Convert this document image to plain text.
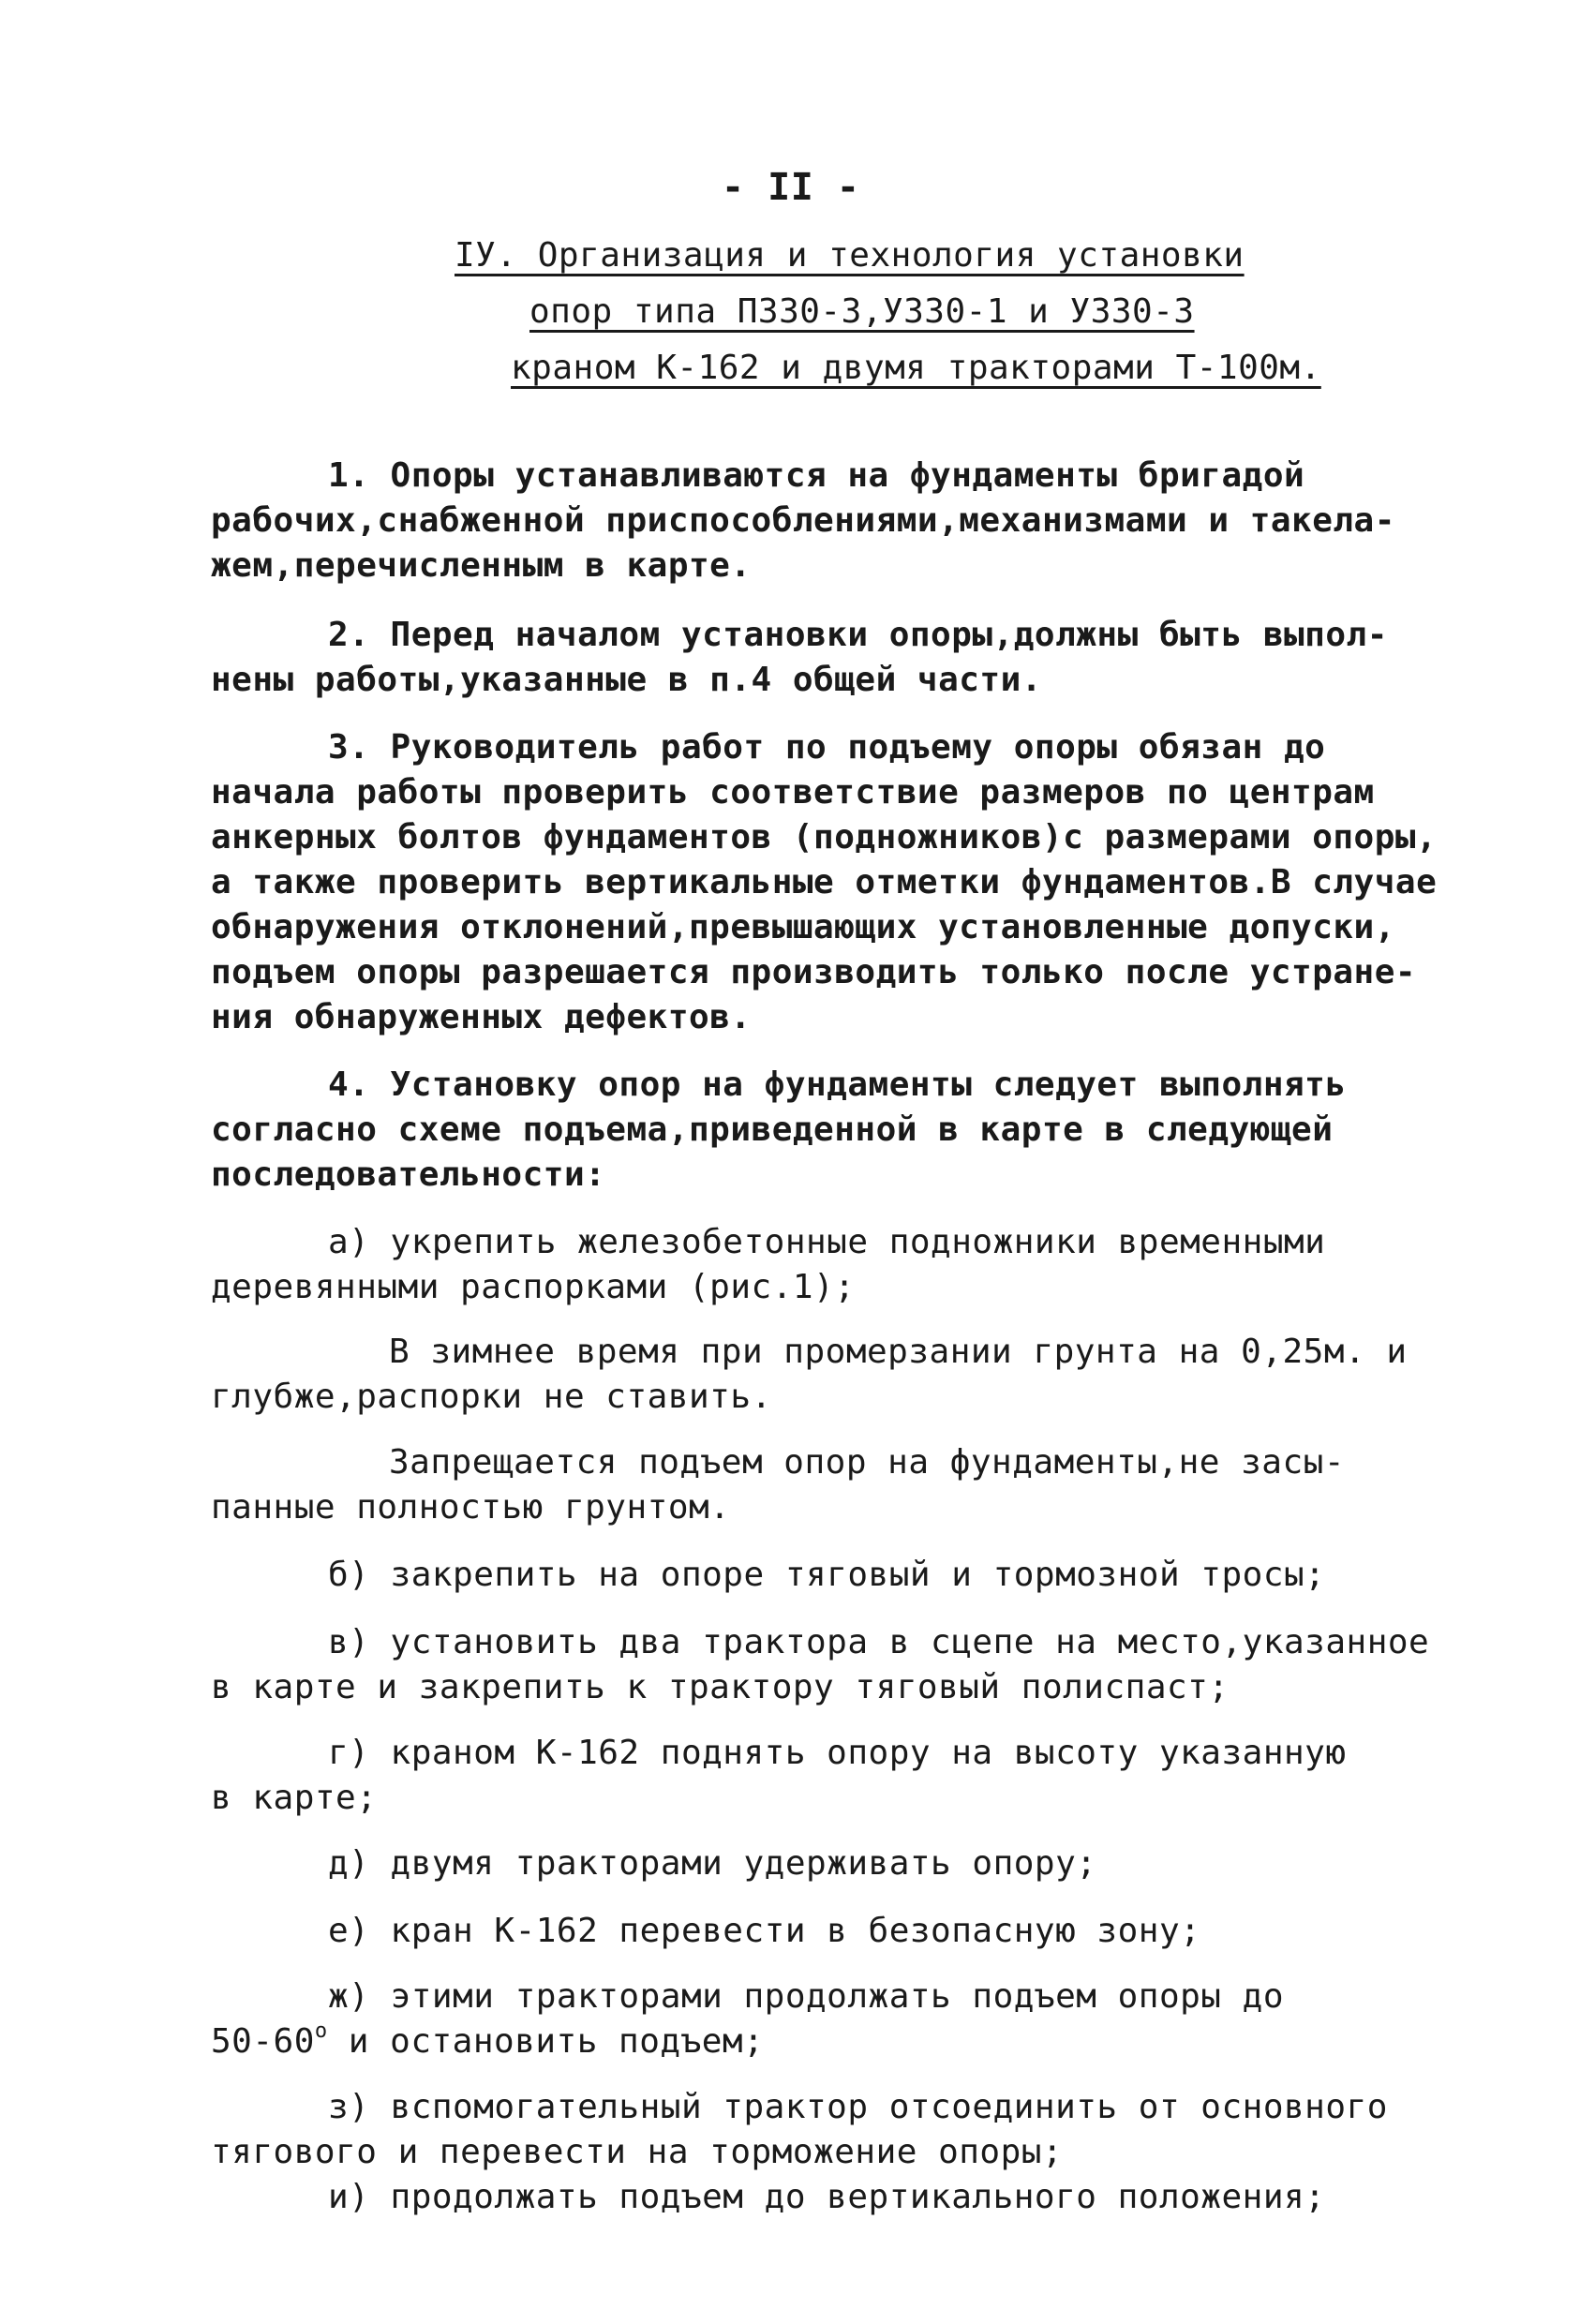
- II -
IУ. Организация и технология установки
опор типа П330-3,У330-1 и У330-3
краном К-162 и двумя тракторами Т-100м.
1. Опоры устанавливаются на фундаменты бригадой
рабочих,снабженной приспособлениями,механизмами и такела-
жем,перечисленным в карте.
2. Перед началом установки опоры,должны быть выпол-
нены работы,указанные в п.4 общей части.
3. Руководитель работ по подъему опоры обязан до
начала работы проверить соответствие размеров по центрам
анкерных болтов фундаментов (подножников)с размерами опоры,
а также проверить вертикальные отметки фундаментов.В случае
обнаружения отклонений,превышающих установленные допуски,
подъем опоры разрешается производить только после устране-
ния обнаруженных дефектов.
4. Установку опор на фундаменты следует выполнять
согласно схеме подъема,приведенной в карте в следующей
последовательности:
а) укрепить железобетонные подножники временными
деревянными распорками (рис.1);
В зимнее время при промерзании грунта на 0,25м. и
глубже,распорки не ставить.
Запрещается подъем опор на фундаменты,не засы-
панные полностью грунтом.
б) закрепить на опоре тяговый и тормозной тросы;
в) установить два трактора в сцепе на место,указанное
в карте и закрепить к трактору тяговый полиспаст;
г) краном К-162 поднять опору на высоту указанную
в карте;
д) двумя тракторами удерживать опору;
е) кран К-162 перевести в безопасную зону;
ж) этими тракторами продолжать подъем опоры до
$50-60^о$ и остановить подъем;
з) вспомогательный трактор отсоединить от основного
тягового и перевести на торможение опоры;
и) продолжать подъем до вертикального положения;
